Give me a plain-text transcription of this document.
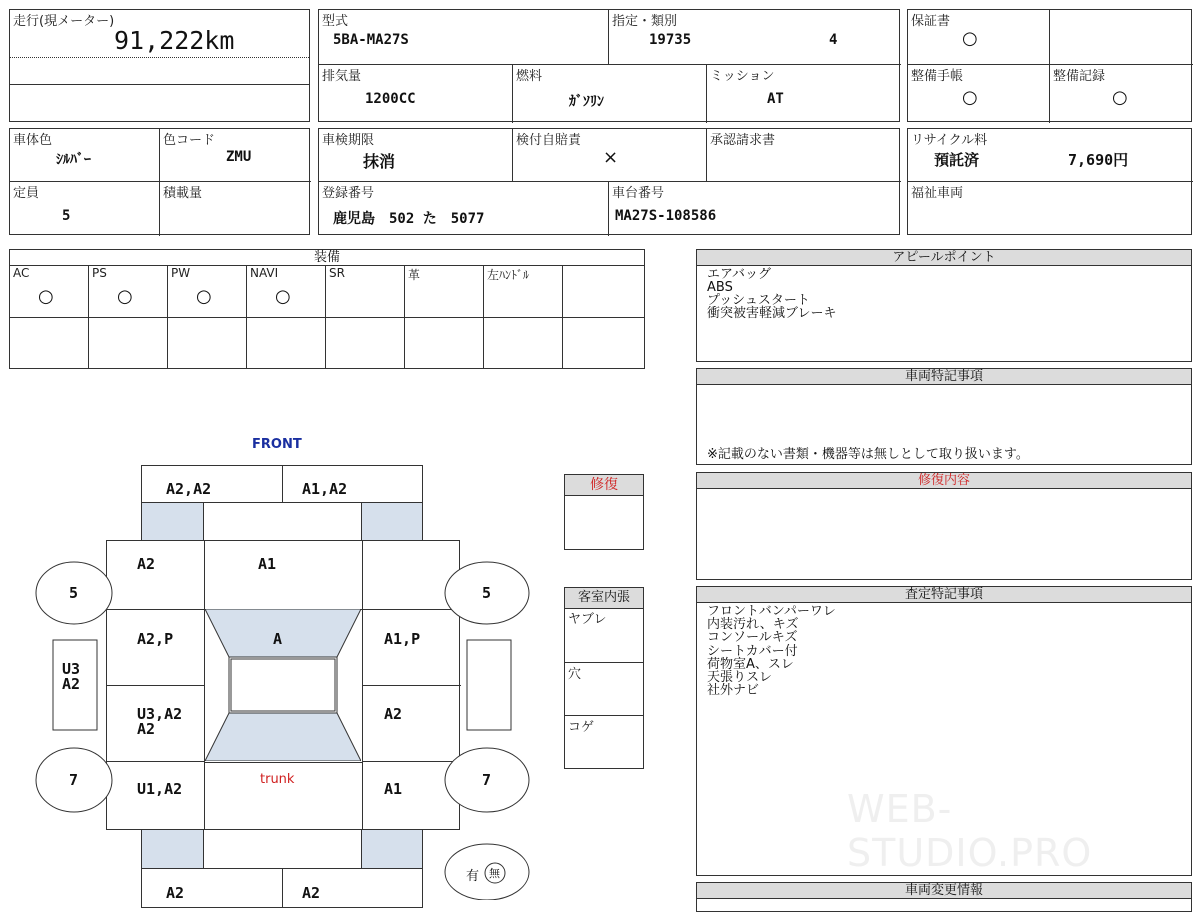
走行(現メーター)
91,222km
型式
5BA-MA27S
指定・類別
19735	4
排気量
1200CC
燃料
ｶﾞｿﾘﾝ
ミッション
AT
保証書
○
整備手帳
○
整備記録
○
車体色
ｼﾙﾊﾞｰ
色コード
ZMU
定員
5
積載量
車検期限
抹消
検付自賠責
×
承認請求書
登録番号
鹿児島　502 た　5077
車台番号
MA27S-108586
リサイクル料
預託済	7,690円
福祉車両
装備
AC
○
PS
○
PW
○
NAVI
○
SR	革	左ﾊﾝﾄﾞﾙ
FRONT
A2,A2	A1,A2
A2	A1
A2,P	A	A1,P
U3,A2
A2
A2
U1,A2	A1
trunk
A2	A2
5	5
7	7
U3
A2
有 無
修復
客室内張
ヤブレ
穴
コゲ
アピールポイント
エアバッグ
ABS
プッシュスタート
衝突被害軽減ブレーキ
車両特記事項
※記載のない書類・機器等は無しとして取り扱います。
修復内容
査定特記事項
フロントバンパーワレ
内装汚れ、キズ
コンソールキズ
シートカバー付
荷物室A、スレ
天張りスレ
社外ナビ
WEB-STUDIO.PRO
車両変更情報
